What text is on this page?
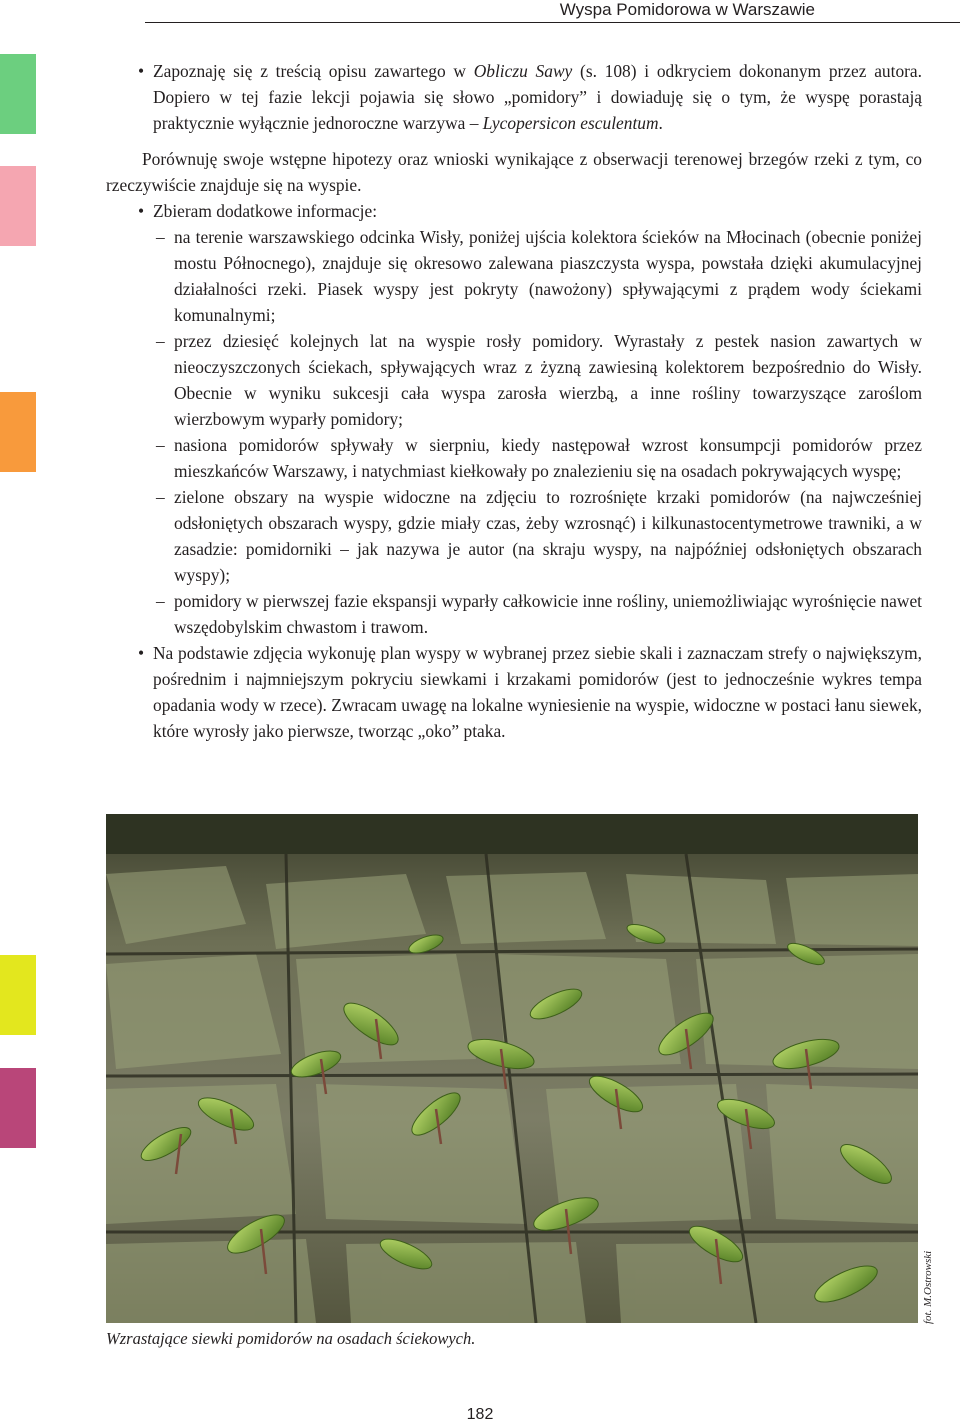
Wyspa Pomidorowa w Warszawie
• Zapoznaję się z treścią opisu zawartego w Obliczu Sawy (s. 108) i odkryciem dokonanym przez autora. Dopiero w tej fazie lekcji pojawia się słowo „pomidory” i dowiaduję się o tym, że wyspę porastają praktycznie wyłącznie jednoroczne warzywa – Lycopersicon esculentum.
Porównuję swoje wstępne hipotezy oraz wnioski wynikające z obserwacji terenowej brzegów rzeki z tym, co rzeczywiście znajduje się na wyspie.
• Zbieram dodatkowe informacje:
– na terenie warszawskiego odcinka Wisły, poniżej ujścia kolektora ścieków na Młocinach (obecnie poniżej mostu Północnego), znajduje się okresowo zalewana piaszczysta wyspa, powstała dzięki akumulacyjnej działalności rzeki. Piasek wyspy jest pokryty (nawożony) spływającymi z prądem wody ściekami komunalnymi;
– przez dziesięć kolejnych lat na wyspie rosły pomidory. Wyrastały z pestek nasion zawartych w nieoczyszczonych ściekach, spływających wraz z żyzną zawiesiną kolektorem bezpośrednio do Wisły. Obecnie w wyniku sukcesji cała wyspa zarosła wierzbą, a inne rośliny towarzyszące zaroślom wierzbowym wyparły pomidory;
– nasiona pomidorów spływały w sierpniu, kiedy następował wzrost konsumpcji pomidorów przez mieszkańców Warszawy, i natychmiast kiełkowały po znalezieniu się na osadach pokrywających wyspę;
– zielone obszary na wyspie widoczne na zdjęciu to rozrośnięte krzaki pomidorów (na najwcześniej odsłoniętych obszarach wyspy, gdzie miały czas, żeby wzrosnąć) i kilkunastocentymetrowe trawniki, a w zasadzie: pomidorniki – jak nazywa je autor (na skraju wyspy, na najpóźniej odsłoniętych obszarach wyspy);
– pomidory w pierwszej fazie ekspansji wyparły całkowicie inne rośliny, uniemożliwiając wyrośnięcie nawet wszędobylskim chwastom i trawom.
• Na podstawie zdjęcia wykonuję plan wyspy w wybranej przez siebie skali i zaznaczam strefy o największym, pośrednim i najmniejszym pokryciu siewkami i krzakami pomidorów (jest to jednocześnie wykres tempa opadania wody w rzece). Zwracam uwagę na lokalne wyniesienie na wyspie, widoczne w postaci łanu siewek, które wyrosły jako pierwsze, tworząc „oko” ptaka.
Wzrastające siewki pomidorów na osadach ściekowych.
fot. M.Ostrowski
182
